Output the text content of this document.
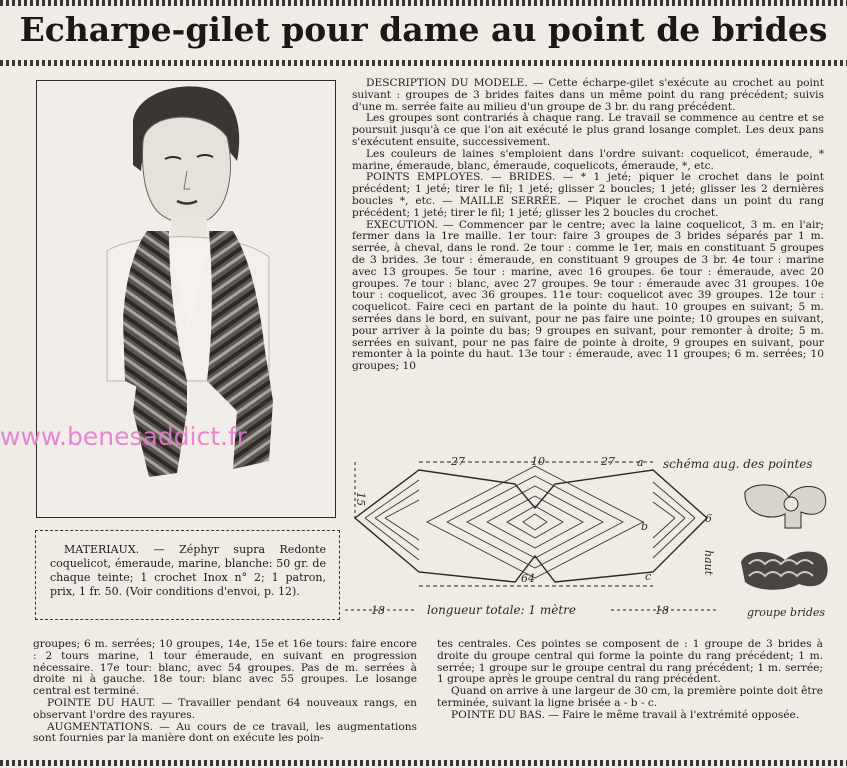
Echarpe-gilet pour dame au point de brides
www.benesaddict.fr
MATERIAUX. — Zéphyr supra Redonte coquelicot, émeraude, marine, blanche: 50 gr. de chaque teinte; 1 crochet Inox n° 2; 1 patron, prix, 1 fr. 50. (Voir conditions d'envoi, p. 12).

DESCRIPTION DU MODELE. — Cette écharpe-gilet s'exécute au crochet au point suivant : groupes de 3 brides faites dans un même point du rang précédent; suivis d'une m. serrée faite au milieu d'un groupe de 3 br. du rang précédent.

Les groupes sont contrariés à chaque rang. Le travail se commence au centre et se poursuit jusqu'à ce que l'on ait exécuté le plus grand losange complet. Les deux pans s'exécutent ensuite, successivement.

Les couleurs de laines s'emploient dans l'ordre suivant: coquelicot, émeraude, * marine, émeraude, blanc, émeraude, coquelicots, émeraude, *, etc.

POINTS EMPLOYES. — BRIDES. — * 1 jeté; piquer le crochet dans le point précédent; 1 jeté; tirer le fil; 1 jeté; glisser 2 boucles; 1 jeté; glisser les 2 dernières boucles *, etc. — MAILLE SERRÉE. — Piquer le crochet dans un point du rang précédent; 1 jeté; tirer le fil; 1 jeté; glisser les 2 boucles du crochet.

EXECUTION. — Commencer par le centre; avec la laine coquelicot, 3 m. en l'air; fermer dans la 1re maille. 1er tour: faire 3 groupes de 3 brides séparés par 1 m. serrée, à cheval, dans le rond. 2e tour : comme le 1er, mais en constituant 5 groupes de 3 brides. 3e tour : émeraude, en constituant 9 groupes de 3 br. 4e tour : marine avec 13 groupes. 5e tour : marine, avec 16 groupes. 6e tour : émeraude, avec 20 groupes. 7e tour : blanc, avec 27 groupes. 9e tour : émeraude avec 31 groupes. 10e tour : coquelicot, avec 36 groupes. 11e tour: coquelicot avec 39 groupes. 12e tour : coquelicot. Faire ceci en partant de la pointe du haut. 10 groupes en suivant; 5 m. serrées dans le bord, en suivant, pour ne pas faire une pointe; 10 groupes en suivant, pour arriver à la pointe du bas; 9 groupes en suivant, pour remonter à droite; 5 m. serrées en suivant, pour ne pas faire de pointe à droite, 9 groupes en suivant, pour remonter à la pointe du haut. 13e tour : émeraude, avec 11 groupes; 6 m. serrées; 10 groupes; 10

27	10	27 a schéma aug. des pointes
15
6
haut
b
64	c
18	longueur totale: 1 mètre	18	groupe brides

groupes; 6 m. serrées; 10 groupes, 14e, 15e et 16e tours: faire encore : 2 tours marine, 1 tour émeraude, en suivant en progression nécessaire. 17e tour: blanc, avec 54 groupes. Pas de m. serrées à droite ni à gauche. 18e tour: blanc avec 55 groupes. Le losange central est terminé.

POINTE DU HAUT. — Travailler pendant 64 nouveaux rangs, en observant l'ordre des rayures.

AUGMENTATIONS. — Au cours de ce travail, les augmentations sont fournies par la manière dont on exécute les poin-

tes centrales. Ces pointes se composent de : 1 groupe de 3 brides à droite du groupe central qui forme la pointe du rang précédent; 1 m. serrée; 1 groupe sur le groupe central du rang précédent; 1 m. serrée; 1 groupe après le groupe central du rang précédent.

Quand on arrive à une largeur de 30 cm, la première pointe doit être terminée, suivant la ligne brisée a - b - c.

POINTE DU BAS. — Faire le même travail à l'extrémité opposée.
